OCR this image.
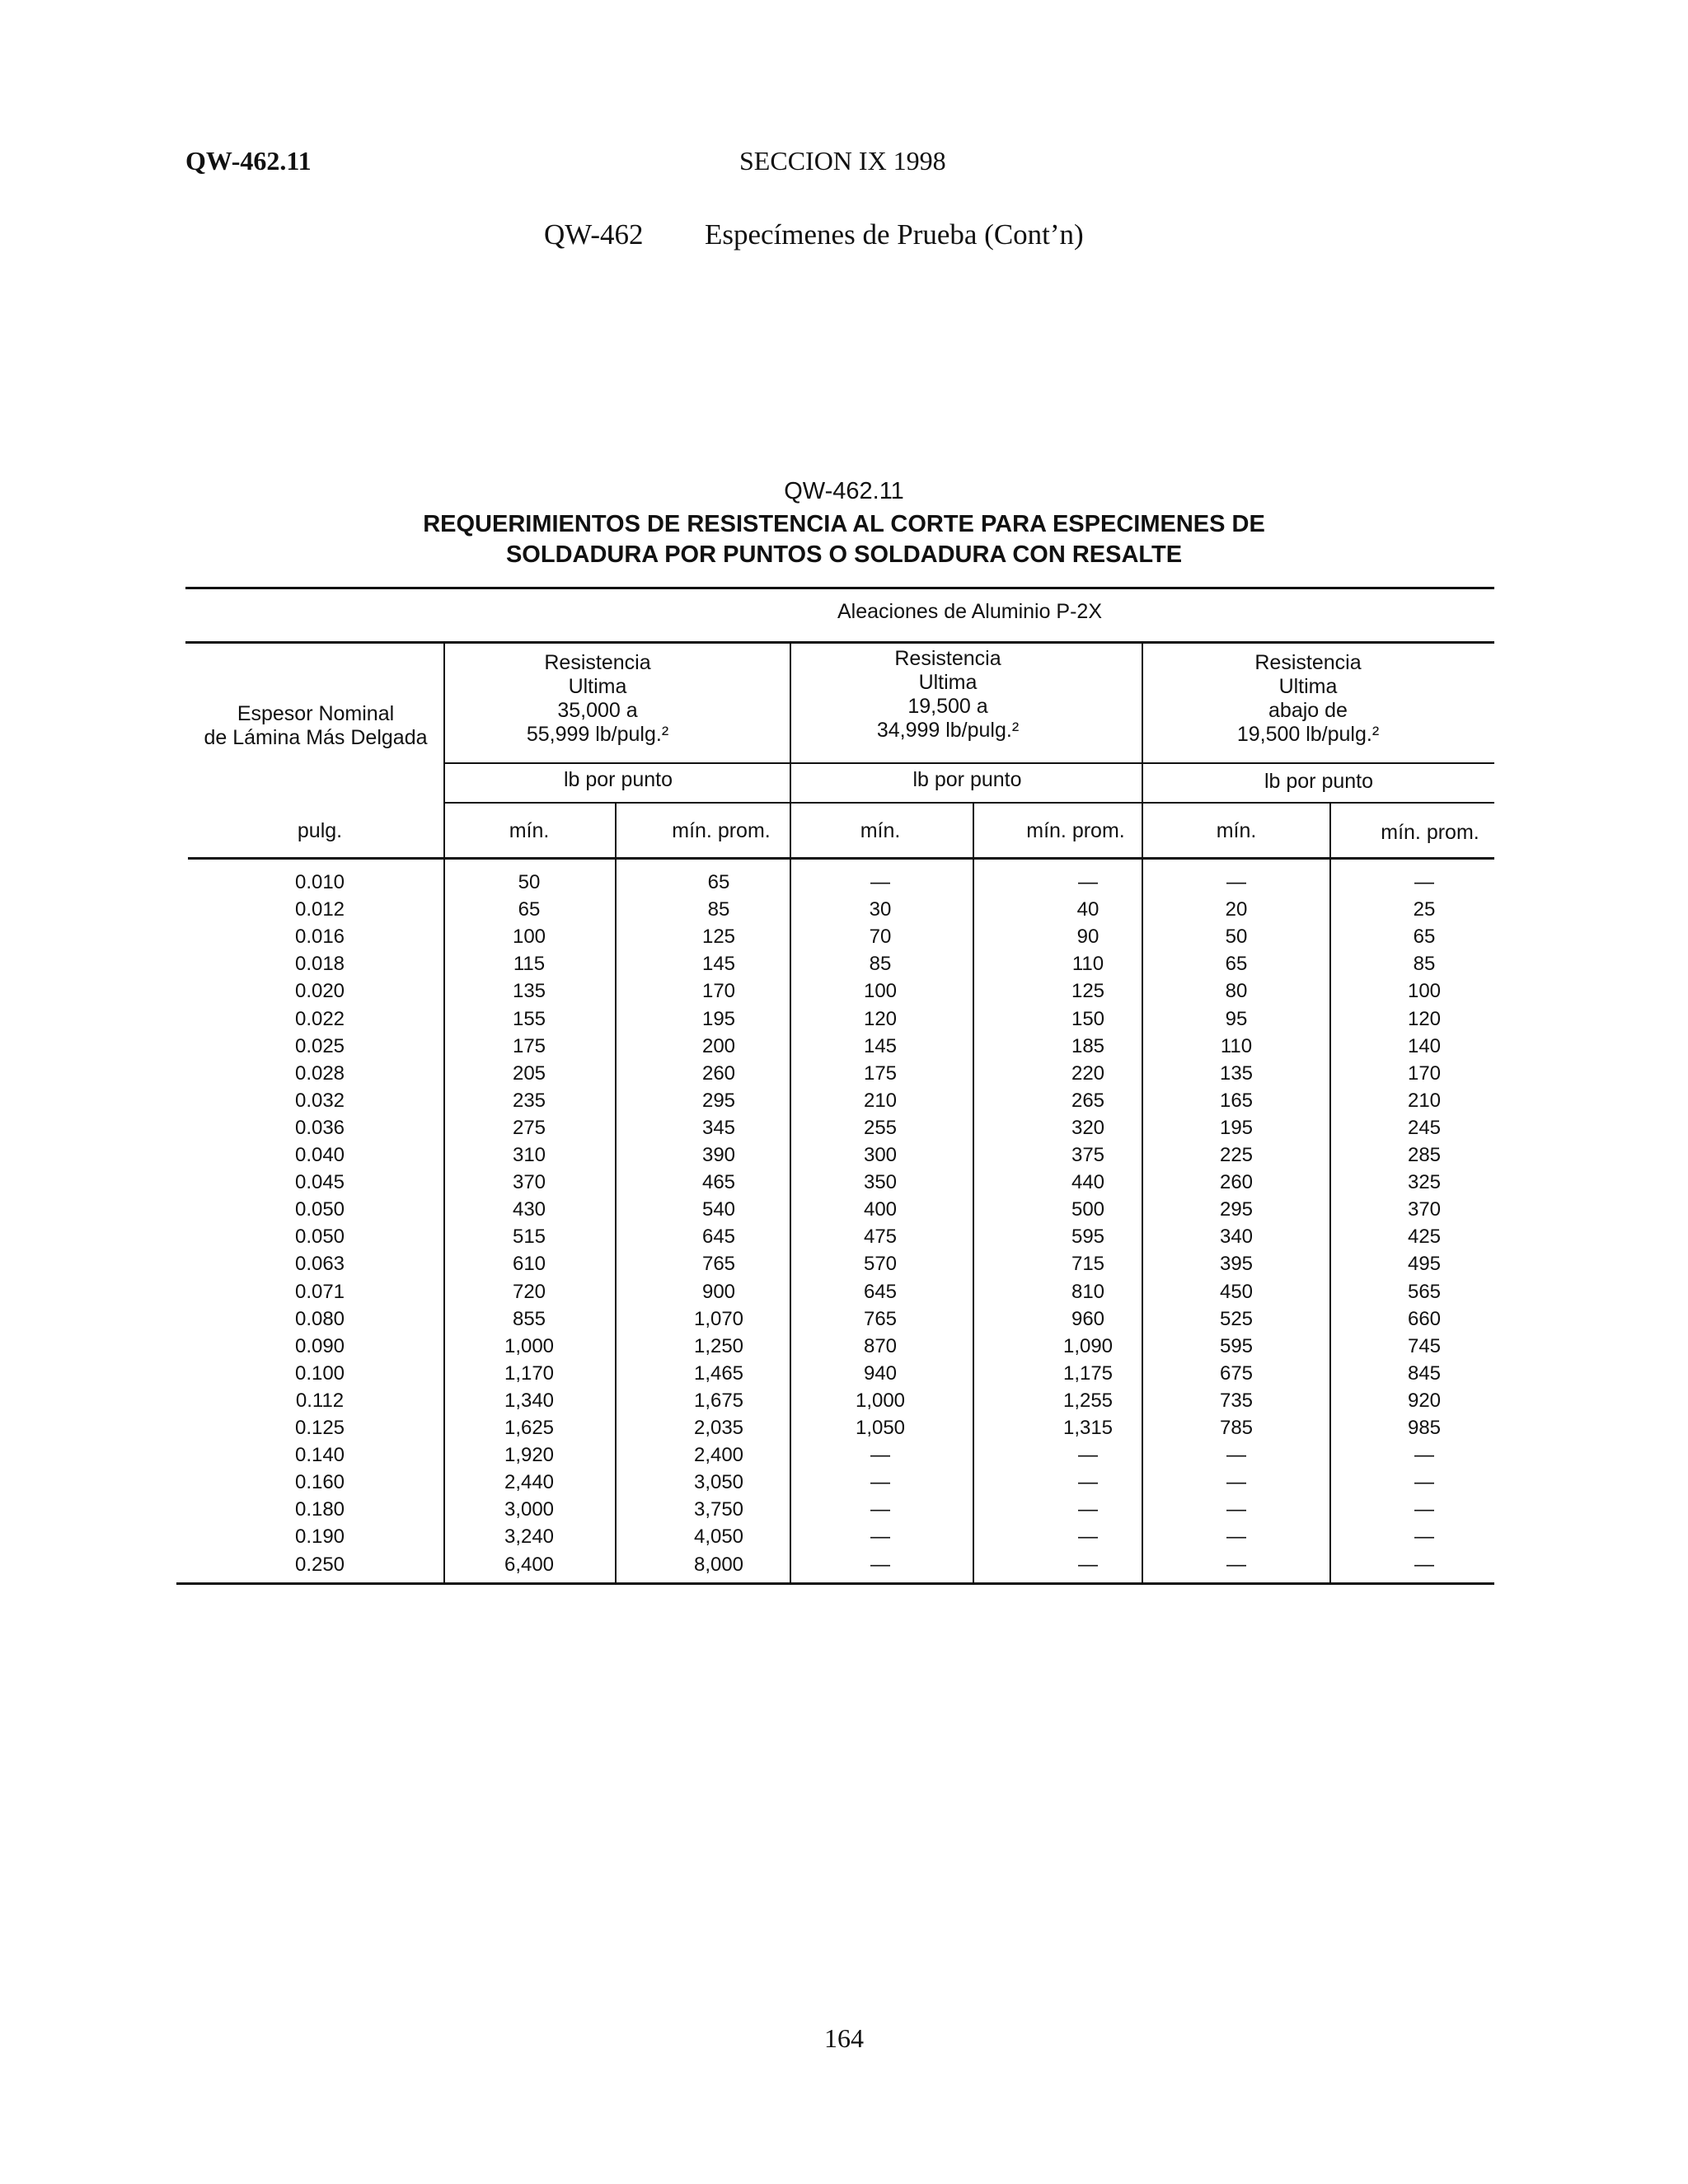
QW-462.11	SECCION IX 1998
QW-462 Especímenes de Prueba (Cont’n)
QW-462.11
REQUERIMIENTOS DE RESISTENCIA AL CORTE PARA ESPECIMENES DE
SOLDADURA POR PUNTOS O SOLDADURA CON RESALTE
Aleaciones de Aluminio P-2X
Espesor Nominal
de Lámina Más Delgada
Resistencia
Ultima
35,000 a
55,999 lb/pulg.²
lb por punto
Resistencia
Ultima
19,500 a
34,999 lb/pulg.²
lb por punto
Resistencia
Ultima
abajo de
19,500 lb/pulg.²
lb por punto
pulg.	mín.	mín. prom.	mín.	mín. prom.	mín.	mín. prom.
0.010	50	65	—	—	—	—
0.012	65	85	30	40	20	25
0.016	100	125	70	90	50	65
0.018	115	145	85	110	65	85
0.020	135	170	100	125	80	100
0.022	155	195	120	150	95	120
0.025	175	200	145	185	110	140
0.028	205	260	175	220	135	170
0.032	235	295	210	265	165	210
0.036	275	345	255	320	195	245
0.040	310	390	300	375	225	285
0.045	370	465	350	440	260	325
0.050	430	540	400	500	295	370
0.050	515	645	475	595	340	425
0.063	610	765	570	715	395	495
0.071	720	900	645	810	450	565
0.080	855	1,070	765	960	525	660
0.090	1,000	1,250	870	1,090	595	745
0.100	1,170	1,465	940	1,175	675	845
0.112	1,340	1,675	1,000	1,255	735	920
0.125	1,625	2,035	1,050	1,315	785	985
0.140	1,920	2,400	—	—	—	—
0.160	2,440	3,050	—	—	—	—
0.180	3,000	3,750	—	—	—	—
0.190	3,240	4,050	—	—	—	—
0.250	6,400	8,000	—	—	—	—
164
